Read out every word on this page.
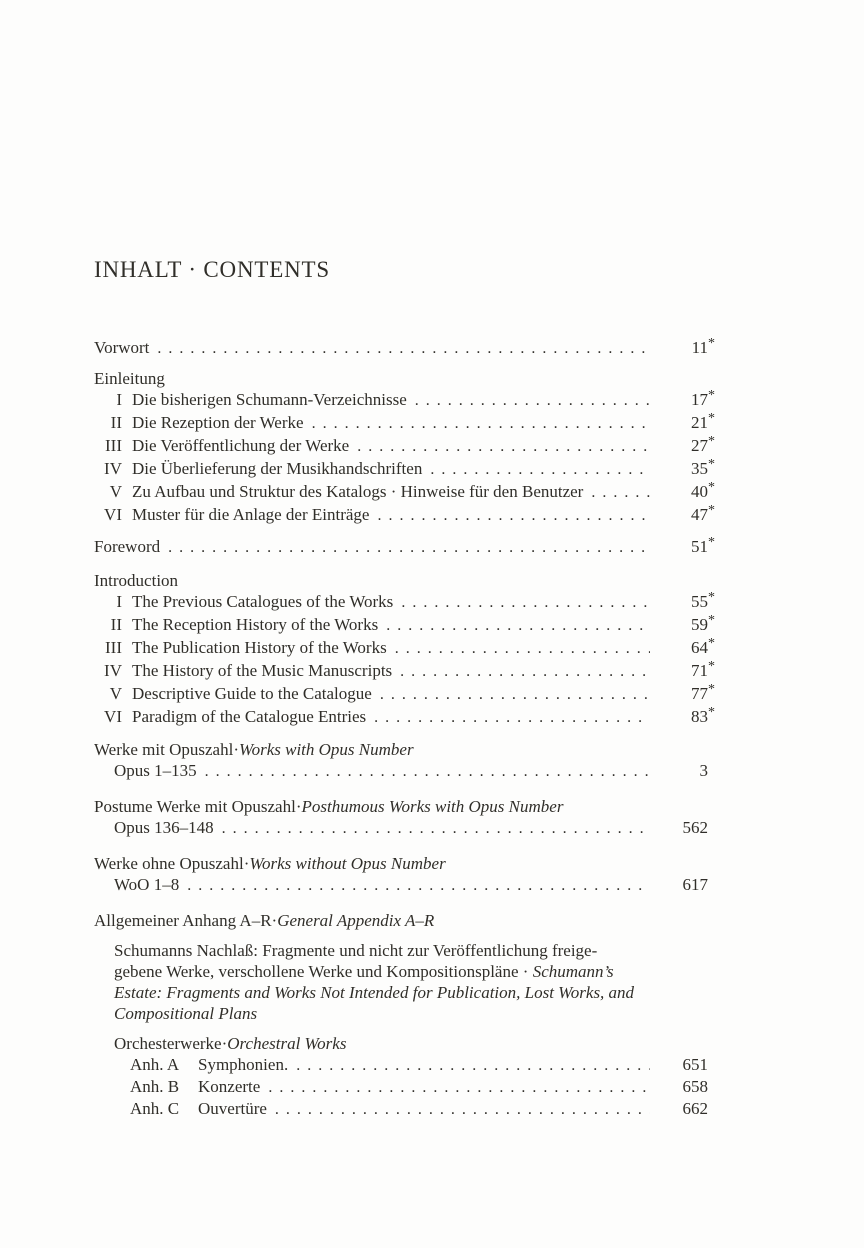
INHALT · CONTENTS
Vorwort .....	11 *
Einleitung
I Die bisherigen Schumann-Verzeichnisse .....	17 *
II Die Rezeption der Werke .....	21 *
III Die Veröffentlichung der Werke .....	27 *
IV Die Überlieferung der Musikhandschriften .....	35 *
V Zu Aufbau und Struktur des Katalogs · Hinweise für den Benutzer .....	40 *
VI Muster für die Anlage der Einträge .....	47 *
Foreword .....	51 *
Introduction
I The Previous Catalogues of the Works .....	55 *
II The Reception History of the Works .....	59 *
III The Publication History of the Works .....	64 *
IV The History of the Music Manuscripts .....	71 *
V Descriptive Guide to the Catalogue .....	77 *
VI Paradigm of the Catalogue Entries .....	83 *
Werke mit Opuszahl · Works with Opus Number
Opus 1–135 .....	3
Postume Werke mit Opuszahl · Posthumous Works with Opus Number
Opus 136–148 .....	562
Werke ohne Opuszahl · Works without Opus Number
WoO 1–8 .....	617
Allgemeiner Anhang A–R · General Appendix A–R
Schumanns Nachlaß: Fragmente und nicht zur Veröffentlichung freige-
gebene Werke, verschollene Werke und Kompositionspläne · Schumann’s
Estate: Fragments and Works Not Intended for Publication, Lost Works, and
Compositional Plans
Orchesterwerke · Orchestral Works
Anh. A	Symphonien. .....	651
Anh. B	Konzerte .....	658
Anh. C	Ouvertüre .....	662
